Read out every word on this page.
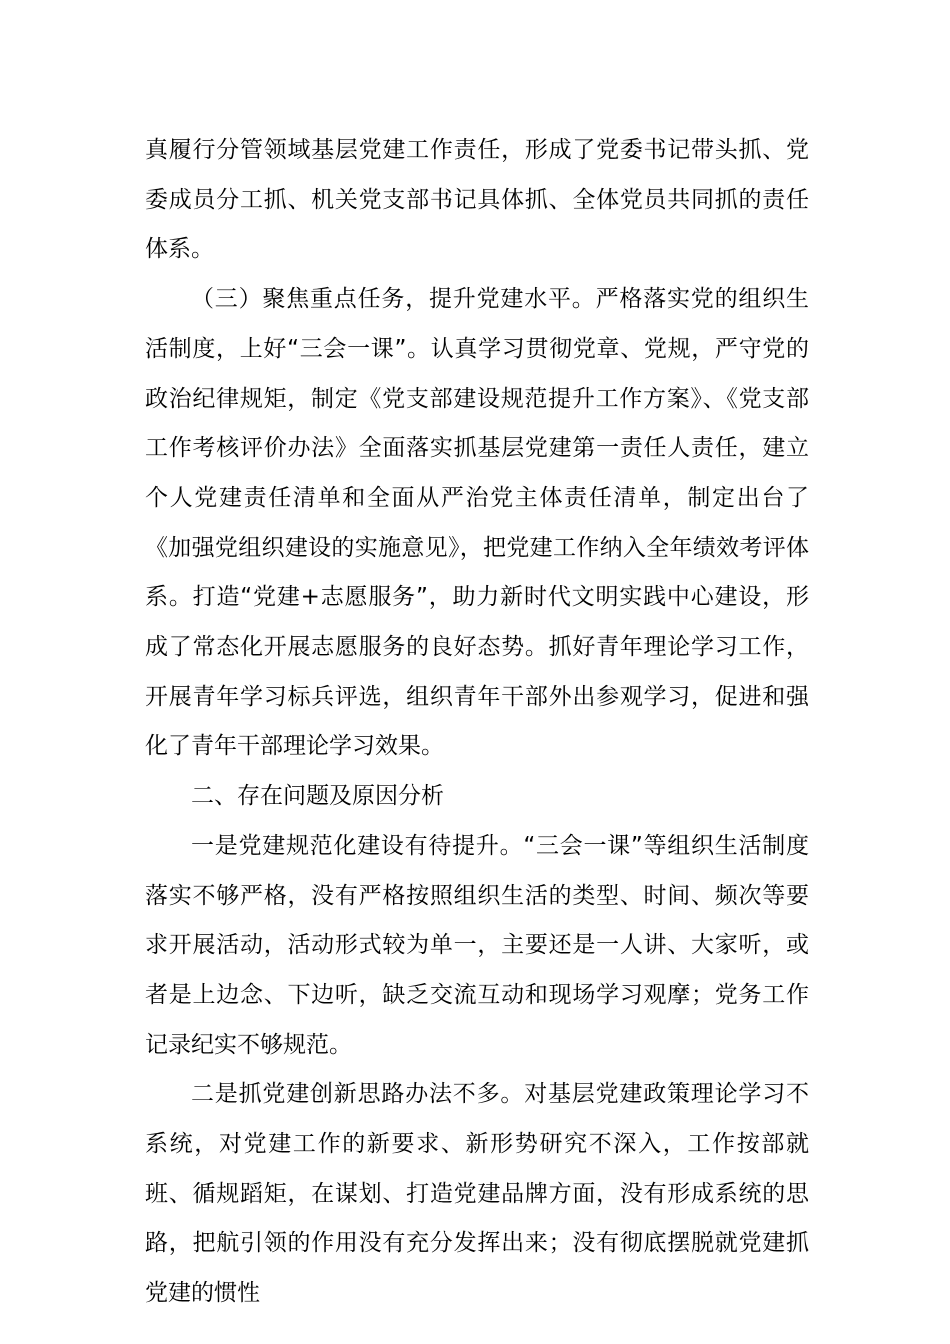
真履行分管领域基层党建工作责任，形成了党委书记带头抓、党委成员分工抓、机关党支部书记具体抓、全体党员共同抓的责任体系。

（三）聚焦重点任务，提升党建水平。严格落实党的组织生活制度，上好“三会一课”。认真学习贯彻党章、党规，严守党的政治纪律规矩，制定《党支部建设规范提升工作方案》、《党支部工作考核评价办法》全面落实抓基层党建第一责任人责任，建立个人党建责任清单和全面从严治党主体责任清单，制定出台了《加强党组织建设的实施意见》，把党建工作纳入全年绩效考评体系。打造“党建+志愿服务”，助力新时代文明实践中心建设，形成了常态化开展志愿服务的良好态势。抓好青年理论学习工作，开展青年学习标兵评选，组织青年干部外出参观学习，促进和强化了青年干部理论学习效果。

二、存在问题及原因分析

一是党建规范化建设有待提升。“三会一课”等组织生活制度落实不够严格，没有严格按照组织生活的类型、时间、频次等要求开展活动，活动形式较为单一，主要还是一人讲、大家听，或者是上边念、下边听，缺乏交流互动和现场学习观摩；党务工作记录纪实不够规范。

二是抓党建创新思路办法不多。对基层党建政策理论学习不系统，对党建工作的新要求、新形势研究不深入，工作按部就班、循规蹈矩，在谋划、打造党建品牌方面，没有形成系统的思路，把航引领的作用没有充分发挥出来；没有彻底摆脱就党建抓党建的惯性
